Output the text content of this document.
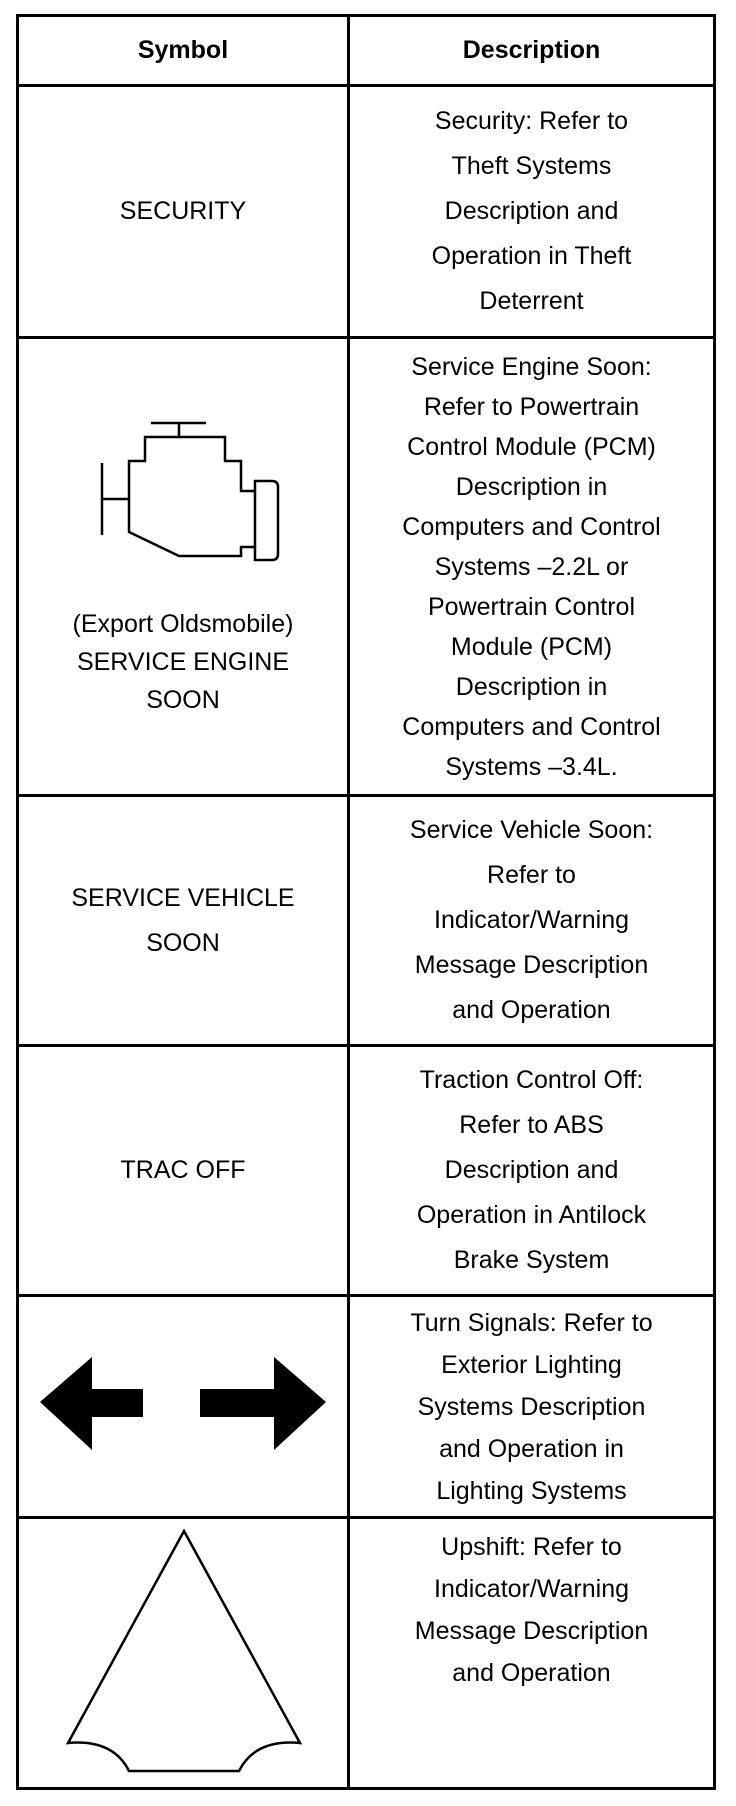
Symbol	Description
SECURITY
Security: Refer to
Theft Systems
Description and
Operation in Theft
Deterrent
(Export Oldsmobile)
SERVICE ENGINE
SOON
Service Engine Soon:
Refer to Powertrain
Control Module (PCM)
Description in
Computers and Control
Systems –2.2L or
Powertrain Control
Module (PCM)
Description in
Computers and Control
Systems –3.4L.
SERVICE VEHICLE
SOON
Service Vehicle Soon:
Refer to
Indicator/Warning
Message Description
and Operation
TRAC OFF
Traction Control Off:
Refer to ABS
Description and
Operation in Antilock
Brake System
Turn Signals: Refer to
Exterior Lighting
Systems Description
and Operation in
Lighting Systems
Upshift: Refer to
Indicator/Warning
Message Description
and Operation
